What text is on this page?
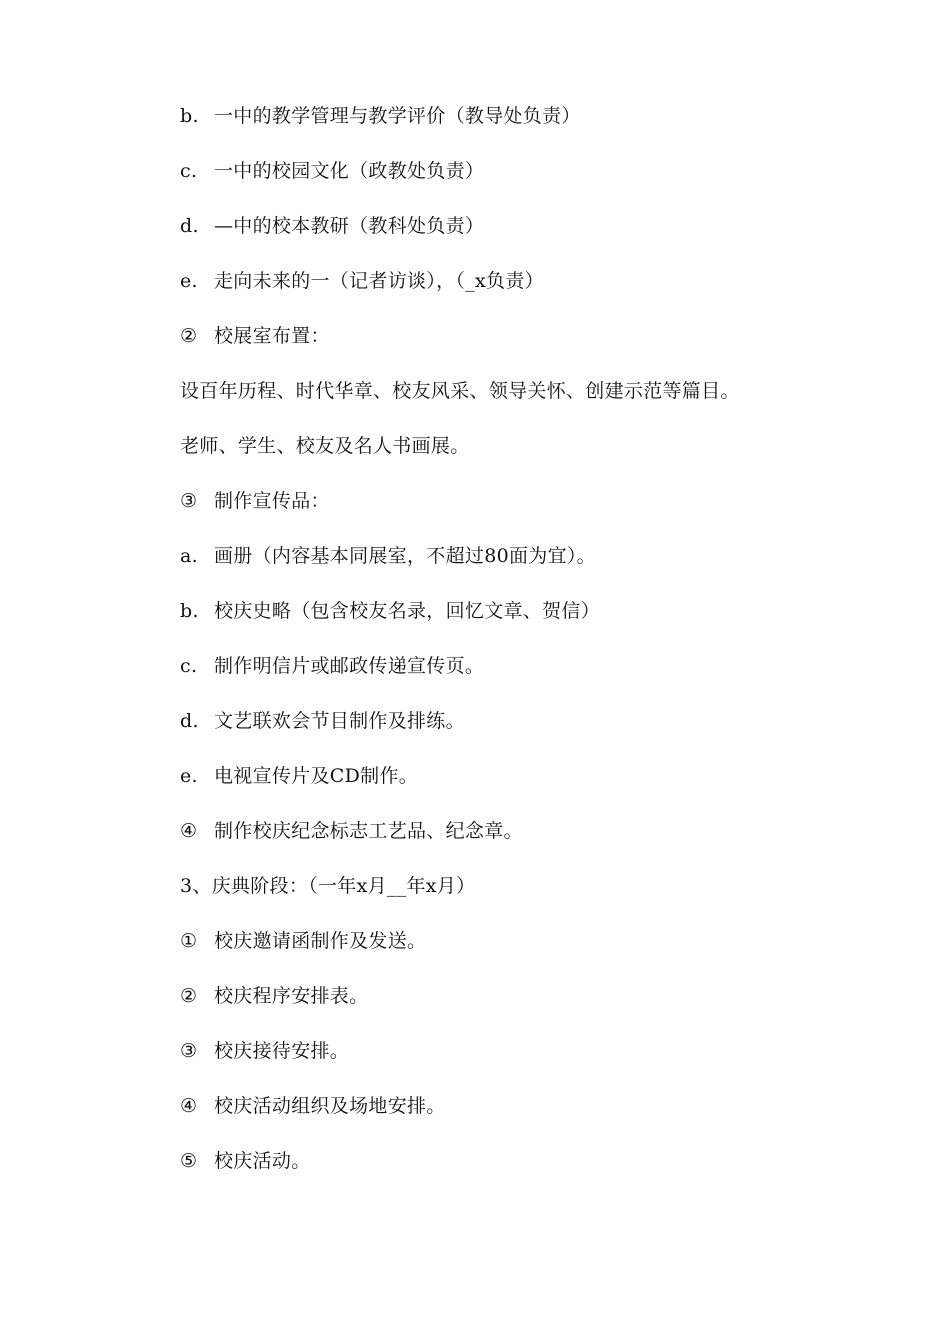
b. 一中的教学管理与教学评价（教导处负责）
c. 一中的校园文化（政教处负责）
d. —中的校本教研（教科处负责）
e. 走向未来的一（记者访谈），（_x负责）
② 校展室布置：
设百年历程、时代华章、校友风采、领导关怀、创建示范等篇目。
老师、学生、校友及名人书画展。
③ 制作宣传品：
a. 画册（内容基本同展室，不超过80面为宜）。
b. 校庆史略（包含校友名录，回忆文章、贺信）
c. 制作明信片或邮政传递宣传页。
d. 文艺联欢会节目制作及排练。
e. 电视宣传片及CD制作。
④ 制作校庆纪念标志工艺品、纪念章。
3、庆典阶段：（一年x月__年x月）
① 校庆邀请函制作及发送。
② 校庆程序安排表。
③ 校庆接待安排。
④ 校庆活动组织及场地安排。
⑤ 校庆活动。
